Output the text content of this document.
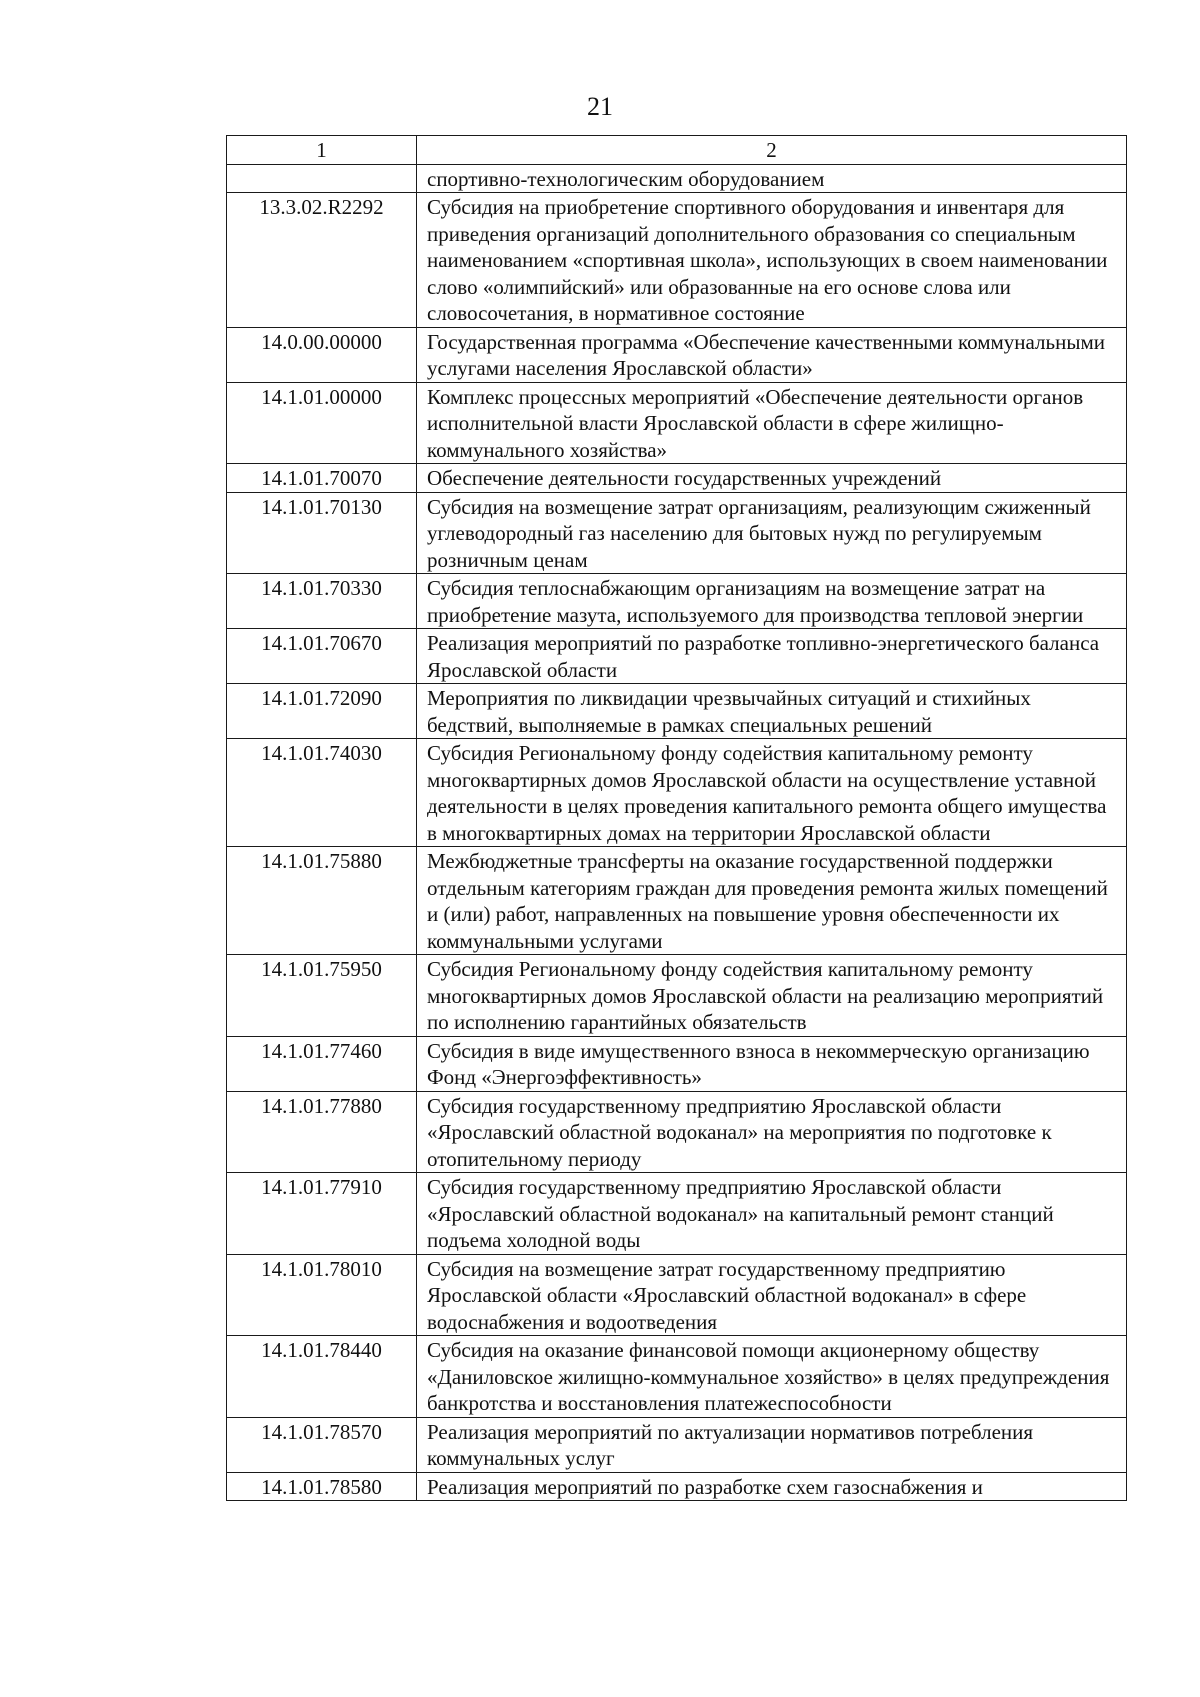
21
1	2
	спортивно-технологическим оборудованием
13.3.02.R2292	Субсидия на приобретение спортивного оборудования и инвентаря для приведения организаций дополнительного образования со специальным наименованием «спортивная школа», использующих в своем наименовании слово «олимпийский» или образованные на его основе слова или словосочетания, в нормативное состояние
14.0.00.00000	Государственная программа «Обеспечение качественными коммунальными услугами населения Ярославской области»
14.1.01.00000	Комплекс процессных мероприятий «Обеспечение деятельности органов исполнительной власти Ярославской области в сфере жилищно-коммунального хозяйства»
14.1.01.70070	Обеспечение деятельности государственных учреждений
14.1.01.70130	Субсидия на возмещение затрат организациям, реализующим сжиженный углеводородный газ населению для бытовых нужд по регулируемым розничным ценам
14.1.01.70330	Субсидия теплоснабжающим организациям на возмещение затрат на приобретение мазута, используемого для производства тепловой энергии
14.1.01.70670	Реализация мероприятий по разработке топливно-энергетического баланса Ярославской области
14.1.01.72090	Мероприятия по ликвидации чрезвычайных ситуаций и стихийных бедствий, выполняемые в рамках специальных решений
14.1.01.74030	Субсидия Региональному фонду содействия капитальному ремонту многоквартирных домов Ярославской области на осуществление уставной деятельности в целях проведения капитального ремонта общего имущества в многоквартирных домах на территории Ярославской области
14.1.01.75880	Межбюджетные трансферты на оказание государственной поддержки отдельным категориям граждан для проведения ремонта жилых помещений и (или) работ, направленных на повышение уровня обеспеченности их коммунальными услугами
14.1.01.75950	Субсидия Региональному фонду содействия капитальному ремонту многоквартирных домов Ярославской области на реализацию мероприятий по исполнению гарантийных обязательств
14.1.01.77460	Субсидия в виде имущественного взноса в некоммерческую организацию Фонд «Энергоэффективность»
14.1.01.77880	Субсидия государственному предприятию Ярославской области «Ярославский областной водоканал» на мероприятия по подготовке к отопительному периоду
14.1.01.77910	Субсидия государственному предприятию Ярославской области «Ярославский областной водоканал» на капитальный ремонт станций подъема холодной воды
14.1.01.78010	Субсидия на возмещение затрат государственному предприятию Ярославской области «Ярославский областной водоканал» в сфере водоснабжения и водоотведения
14.1.01.78440	Субсидия на оказание финансовой помощи акционерному обществу «Даниловское жилищно-коммунальное хозяйство» в целях предупреждения банкротства и восстановления платежеспособности
14.1.01.78570	Реализация мероприятий по актуализации нормативов потребления коммунальных услуг
14.1.01.78580	Реализация мероприятий по разработке схем газоснабжения и
